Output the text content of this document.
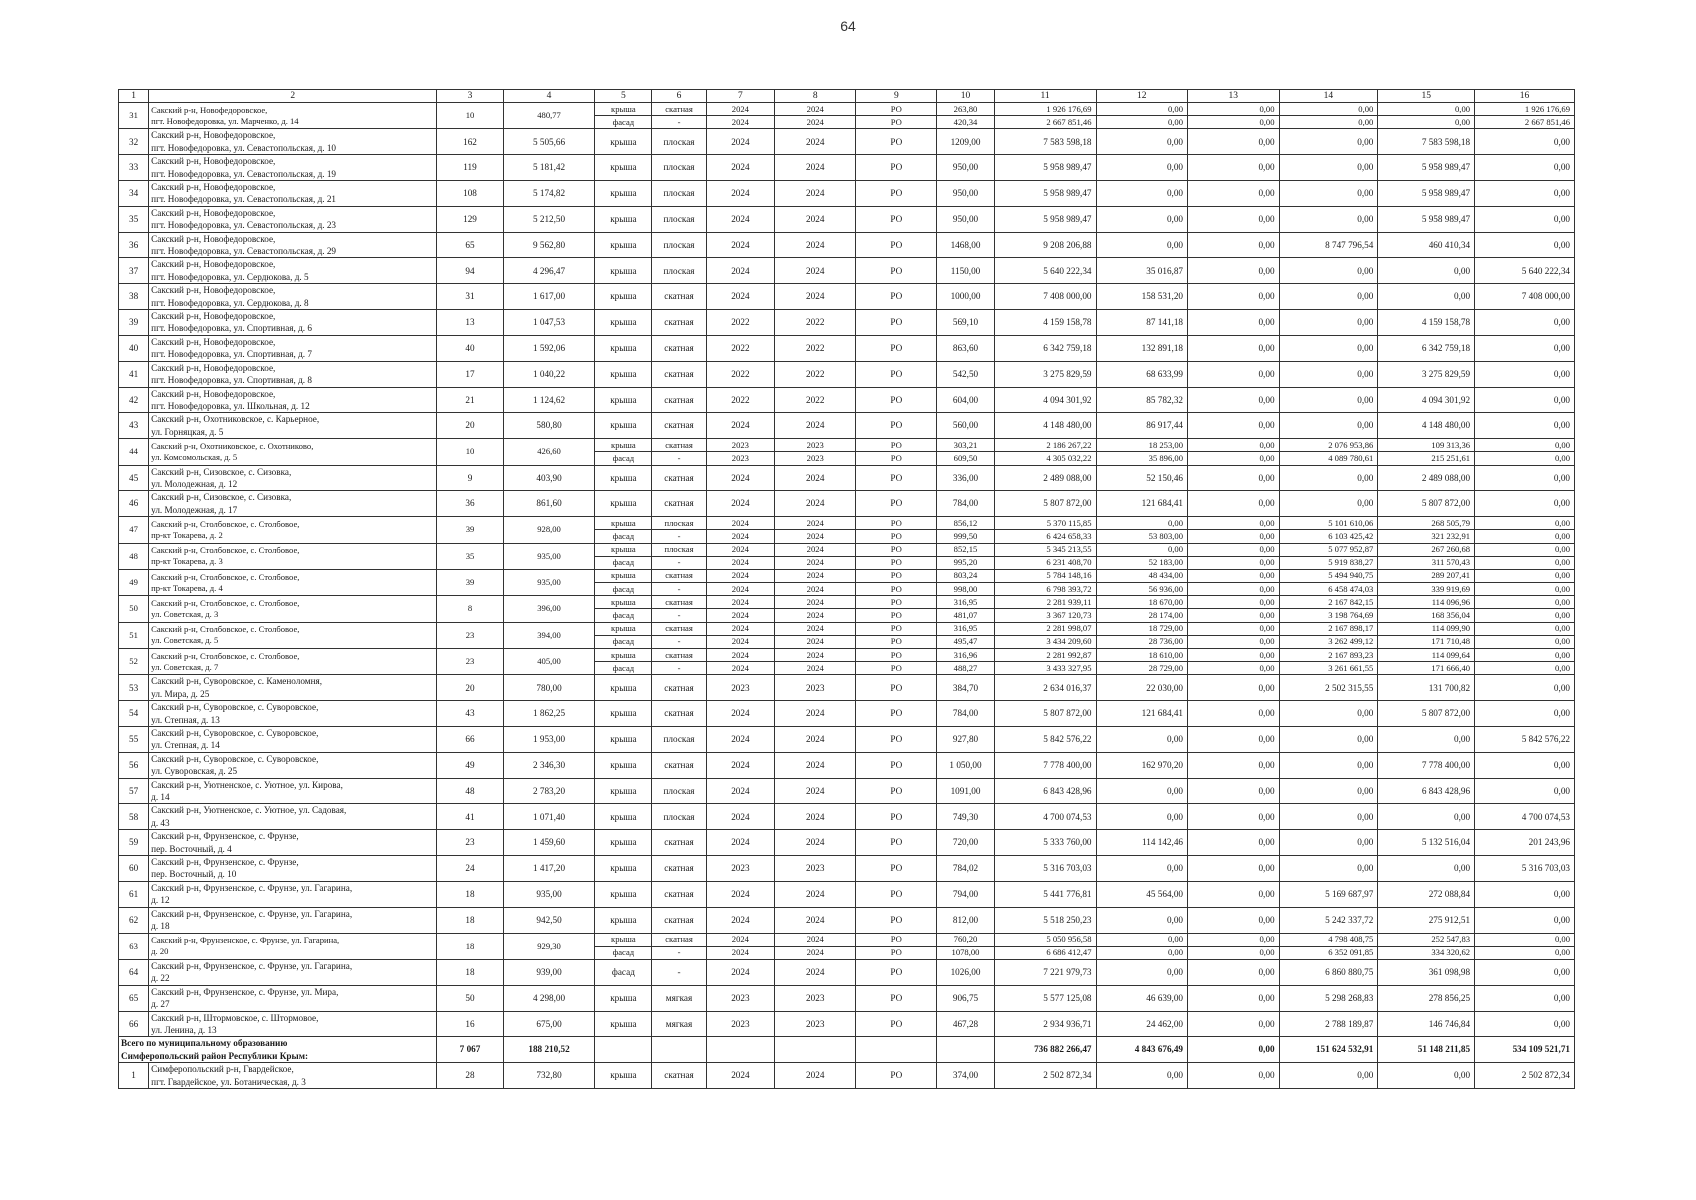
64
1	2	3	4	5	6	7	8	9	10	11	12	13	14	15	16
31	Сакский р-н, Новофедоровское,
пгт. Новофедоровка, ул. Марченко, д. 14	10	480,77	крыша	скатная	2024	2024	РО	263,80	1 926 176,69	0,00	0,00	0,00	0,00	1 926 176,69
				фасад	-	2024	2024	РО	420,34	2 667 851,46	0,00	0,00	0,00	0,00	2 667 851,46
32	Сакский р-н, Новофедоровское,
пгт. Новофедоровка, ул. Севастопольская, д. 10	162	5 505,66	крыша	плоская	2024	2024	РО	1209,00	7 583 598,18	0,00	0,00	0,00	7 583 598,18	0,00
33	Сакский р-н, Новофедоровское,
пгт. Новофедоровка, ул. Севастопольская, д. 19	119	5 181,42	крыша	плоская	2024	2024	РО	950,00	5 958 989,47	0,00	0,00	0,00	5 958 989,47	0,00
34	Сакский р-н, Новофедоровское,
пгт. Новофедоровка, ул. Севастопольская, д. 21	108	5 174,82	крыша	плоская	2024	2024	РО	950,00	5 958 989,47	0,00	0,00	0,00	5 958 989,47	0,00
35	Сакский р-н, Новофедоровское,
пгт. Новофедоровка, ул. Севастопольская, д. 23	129	5 212,50	крыша	плоская	2024	2024	РО	950,00	5 958 989,47	0,00	0,00	0,00	5 958 989,47	0,00
36	Сакский р-н, Новофедоровское,
пгт. Новофедоровка, ул. Севастопольская, д. 29	65	9 562,80	крыша	плоская	2024	2024	РО	1468,00	9 208 206,88	0,00	0,00	8 747 796,54	460 410,34	0,00
37	Сакский р-н, Новофедоровское,
пгт. Новофедоровка, ул. Сердюкова, д. 5	94	4 296,47	крыша	плоская	2024	2024	РО	1150,00	5 640 222,34	35 016,87	0,00	0,00	0,00	5 640 222,34
38	Сакский р-н, Новофедоровское,
пгт. Новофедоровка, ул. Сердюкова, д. 8	31	1 617,00	крыша	скатная	2024	2024	РО	1000,00	7 408 000,00	158 531,20	0,00	0,00	0,00	7 408 000,00
39	Сакский р-н, Новофедоровское,
пгт. Новофедоровка, ул. Спортивная, д. 6	13	1 047,53	крыша	скатная	2022	2022	РО	569,10	4 159 158,78	87 141,18	0,00	0,00	4 159 158,78	0,00
40	Сакский р-н, Новофедоровское,
пгт. Новофедоровка, ул. Спортивная, д. 7	40	1 592,06	крыша	скатная	2022	2022	РО	863,60	6 342 759,18	132 891,18	0,00	0,00	6 342 759,18	0,00
41	Сакский р-н, Новофедоровское,
пгт. Новофедоровка, ул. Спортивная, д. 8	17	1 040,22	крыша	скатная	2022	2022	РО	542,50	3 275 829,59	68 633,99	0,00	0,00	3 275 829,59	0,00
42	Сакский р-н, Новофедоровское,
пгт. Новофедоровка, ул. Школьная, д. 12	21	1 124,62	крыша	скатная	2022	2022	РО	604,00	4 094 301,92	85 782,32	0,00	0,00	4 094 301,92	0,00
43	Сакский р-н, Охотниковское, с. Карьерное,
ул. Горняцкая, д. 5	20	580,80	крыша	скатная	2024	2024	РО	560,00	4 148 480,00	86 917,44	0,00	0,00	4 148 480,00	0,00
44	Сакский р-н, Охотниковское, с. Охотниково,
ул. Комсомольская, д. 5	10	426,60	крыша	скатная	2023	2023	РО	303,21	2 186 267,22	18 253,00	0,00	2 076 953,86	109 313,36	0,00
				фасад	-	2023	2023	РО	609,50	4 305 032,22	35 896,00	0,00	4 089 780,61	215 251,61	0,00
45	Сакский р-н, Сизовское, с. Сизовка,
ул. Молодежная, д. 12	9	403,90	крыша	скатная	2024	2024	РО	336,00	2 489 088,00	52 150,46	0,00	0,00	2 489 088,00	0,00
46	Сакский р-н, Сизовское, с. Сизовка,
ул. Молодежная, д. 17	36	861,60	крыша	скатная	2024	2024	РО	784,00	5 807 872,00	121 684,41	0,00	0,00	5 807 872,00	0,00
47	Сакский р-н, Столбовское, с. Столбовое,
пр-кт Токарева, д. 2	39	928,00	крыша	плоская	2024	2024	РО	856,12	5 370 115,85	0,00	0,00	5 101 610,06	268 505,79	0,00
				фасад	-	2024	2024	РО	999,50	6 424 658,33	53 803,00	0,00	6 103 425,42	321 232,91	0,00
48	Сакский р-н, Столбовское, с. Столбовое,
пр-кт Токарева, д. 3	35	935,00	крыша	плоская	2024	2024	РО	852,15	5 345 213,55	0,00	0,00	5 077 952,87	267 260,68	0,00
				фасад	-	2024	2024	РО	995,20	6 231 408,70	52 183,00	0,00	5 919 838,27	311 570,43	0,00
49	Сакский р-н, Столбовское, с. Столбовое,
пр-кт Токарева, д. 4	39	935,00	крыша	скатная	2024	2024	РО	803,24	5 784 148,16	48 434,00	0,00	5 494 940,75	289 207,41	0,00
				фасад	-	2024	2024	РО	998,00	6 798 393,72	56 936,00	0,00	6 458 474,03	339 919,69	0,00
50	Сакский р-н, Столбовское, с. Столбовое,
ул. Советская, д. 3	8	396,00	крыша	скатная	2024	2024	РО	316,95	2 281 939,11	18 670,00	0,00	2 167 842,15	114 096,96	0,00
				фасад	-	2024	2024	РО	481,07	3 367 120,73	28 174,00	0,00	3 198 764,69	168 356,04	0,00
51	Сакский р-н, Столбовское, с. Столбовое,
ул. Советская, д. 5	23	394,00	крыша	скатная	2024	2024	РО	316,95	2 281 998,07	18 729,00	0,00	2 167 898,17	114 099,90	0,00
				фасад	-	2024	2024	РО	495,47	3 434 209,60	28 736,00	0,00	3 262 499,12	171 710,48	0,00
52	Сакский р-н, Столбовское, с. Столбовое,
ул. Советская, д. 7	23	405,00	крыша	скатная	2024	2024	РО	316,96	2 281 992,87	18 610,00	0,00	2 167 893,23	114 099,64	0,00
				фасад	-	2024	2024	РО	488,27	3 433 327,95	28 729,00	0,00	3 261 661,55	171 666,40	0,00
53	Сакский р-н, Суворовское, с. Каменоломня,
ул. Мира, д. 25	20	780,00	крыша	скатная	2023	2023	РО	384,70	2 634 016,37	22 030,00	0,00	2 502 315,55	131 700,82	0,00
54	Сакский р-н, Суворовское, с. Суворовское,
ул. Степная, д. 13	43	1 862,25	крыша	скатная	2024	2024	РО	784,00	5 807 872,00	121 684,41	0,00	0,00	5 807 872,00	0,00
55	Сакский р-н, Суворовское, с. Суворовское,
ул. Степная, д. 14	66	1 953,00	крыша	плоская	2024	2024	РО	927,80	5 842 576,22	0,00	0,00	0,00	0,00	5 842 576,22
56	Сакский р-н, Суворовское, с. Суворовское,
ул. Суворовская, д. 25	49	2 346,30	крыша	скатная	2024	2024	РО	1 050,00	7 778 400,00	162 970,20	0,00	0,00	7 778 400,00	0,00
57	Сакский р-н, Уютненское, с. Уютное, ул. Кирова,
д. 14	48	2 783,20	крыша	плоская	2024	2024	РО	1091,00	6 843 428,96	0,00	0,00	0,00	6 843 428,96	0,00
58	Сакский р-н, Уютненское, с. Уютное, ул. Садовая,
д. 43	41	1 071,40	крыша	плоская	2024	2024	РО	749,30	4 700 074,53	0,00	0,00	0,00	0,00	4 700 074,53
59	Сакский р-н, Фрунзенское, с. Фрунзе,
пер. Восточный, д. 4	23	1 459,60	крыша	скатная	2024	2024	РО	720,00	5 333 760,00	114 142,46	0,00	0,00	5 132 516,04	201 243,96
60	Сакский р-н, Фрунзенское, с. Фрунзе,
пер. Восточный, д. 10	24	1 417,20	крыша	скатная	2023	2023	РО	784,02	5 316 703,03	0,00	0,00	0,00	0,00	5 316 703,03
61	Сакский р-н, Фрунзенское, с. Фрунзе, ул. Гагарина,
д. 12	18	935,00	крыша	скатная	2024	2024	РО	794,00	5 441 776,81	45 564,00	0,00	5 169 687,97	272 088,84	0,00
62	Сакский р-н, Фрунзенское, с. Фрунзе, ул. Гагарина,
д. 18	18	942,50	крыша	скатная	2024	2024	РО	812,00	5 518 250,23	0,00	0,00	5 242 337,72	275 912,51	0,00
63	Сакский р-н, Фрунзенское, с. Фрунзе, ул. Гагарина,
д. 20	18	929,30	крыша	скатная	2024	2024	РО	760,20	5 050 956,58	0,00	0,00	4 798 408,75	252 547,83	0,00
				фасад	-	2024	2024	РО	1078,00	6 686 412,47	0,00	0,00	6 352 091,85	334 320,62	0,00
64	Сакский р-н, Фрунзенское, с. Фрунзе, ул. Гагарина,
д. 22	18	939,00	фасад	-	2024	2024	РО	1026,00	7 221 979,73	0,00	0,00	6 860 880,75	361 098,98	0,00
65	Сакский р-н, Фрунзенское, с. Фрунзе, ул. Мира,
д. 27	50	4 298,00	крыша	мягкая	2023	2023	РО	906,75	5 577 125,08	46 639,00	0,00	5 298 268,83	278 856,25	0,00
66	Сакский р-н, Штормовское, с. Штормовое,
ул. Ленина, д. 13	16	675,00	крыша	мягкая	2023	2023	РО	467,28	2 934 936,71	24 462,00	0,00	2 788 189,87	146 746,84	0,00
Всего по муниципальному образованию
Симферопольский район Республики Крым:		7 067	188 210,52							736 882 266,47	4 843 676,49	0,00	151 624 532,91	51 148 211,85	534 109 521,71
1	Симферопольский р-н, Гвардейское,
пгт. Гвардейское, ул. Ботаническая, д. 3	28	732,80	крыша	скатная	2024	2024	РО	374,00	2 502 872,34	0,00	0,00	0,00	0,00	2 502 872,34
